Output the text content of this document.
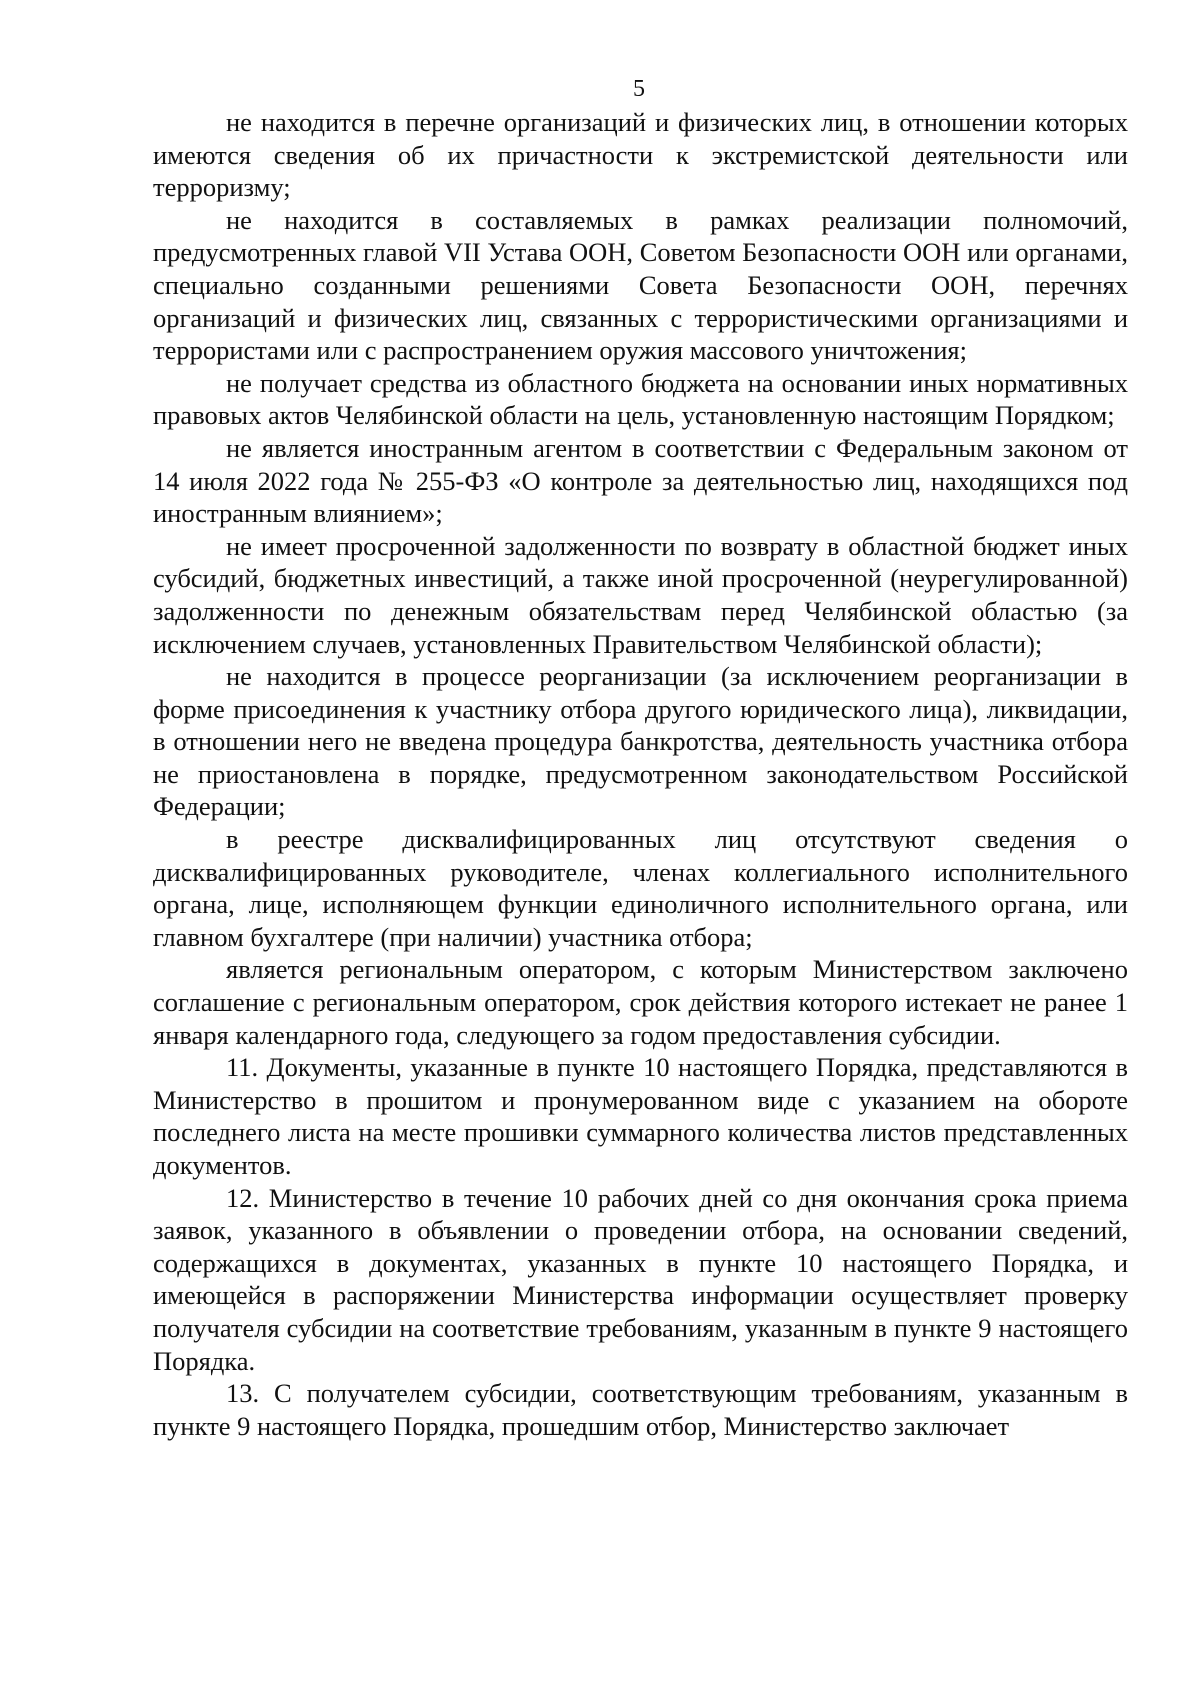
5

не находится в перечне организаций и физических лиц, в отношении которых имеются сведения об их причастности к экстремистской деятельности или терроризму;

не находится в составляемых в рамках реализации полномочий, предусмотренных главой VII Устава ООН, Советом Безопасности ООН или органами, специально созданными решениями Совета Безопасности ООН, перечнях организаций и физических лиц, связанных с террористическими организациями и террористами или с распространением оружия массового уничтожения;

не получает средства из областного бюджета на основании иных нормативных правовых актов Челябинской области на цель, установленную настоящим Порядком;

не является иностранным агентом в соответствии с Федеральным законом от 14 июля 2022 года № 255-ФЗ «О контроле за деятельностью лиц, находящихся под иностранным влиянием»;

не имеет просроченной задолженности по возврату в областной бюджет иных субсидий, бюджетных инвестиций, а также иной просроченной (неурегулированной) задолженности по денежным обязательствам перед Челябинской областью (за исключением случаев, установленных Правительством Челябинской области);

не находится в процессе реорганизации (за исключением реорганизации в форме присоединения к участнику отбора другого юридического лица), ликвидации, в отношении него не введена процедура банкротства, деятельность участника отбора не приостановлена в порядке, предусмотренном законодательством Российской Федерации;

в реестре дисквалифицированных лиц отсутствуют сведения о дисквалифицированных руководителе, членах коллегиального исполнительного органа, лице, исполняющем функции единоличного исполнительного органа, или главном бухгалтере (при наличии) участника отбора;

является региональным оператором, с которым Министерством заключено соглашение с региональным оператором, срок действия которого истекает не ранее 1 января календарного года, следующего за годом предоставления субсидии.

11. Документы, указанные в пункте 10 настоящего Порядка, представляются в Министерство в прошитом и пронумерованном виде с указанием на обороте последнего листа на месте прошивки суммарного количества листов представленных документов.

12. Министерство в течение 10 рабочих дней со дня окончания срока приема заявок, указанного в объявлении о проведении отбора, на основании сведений, содержащихся в документах, указанных в пункте 10 настоящего Порядка, и имеющейся в распоряжении Министерства информации осуществляет проверку получателя субсидии на соответствие требованиям, указанным в пункте 9 настоящего Порядка.

13. С получателем субсидии, соответствующим требованиям, указанным в пункте 9 настоящего Порядка, прошедшим отбор, Министерство заключает
